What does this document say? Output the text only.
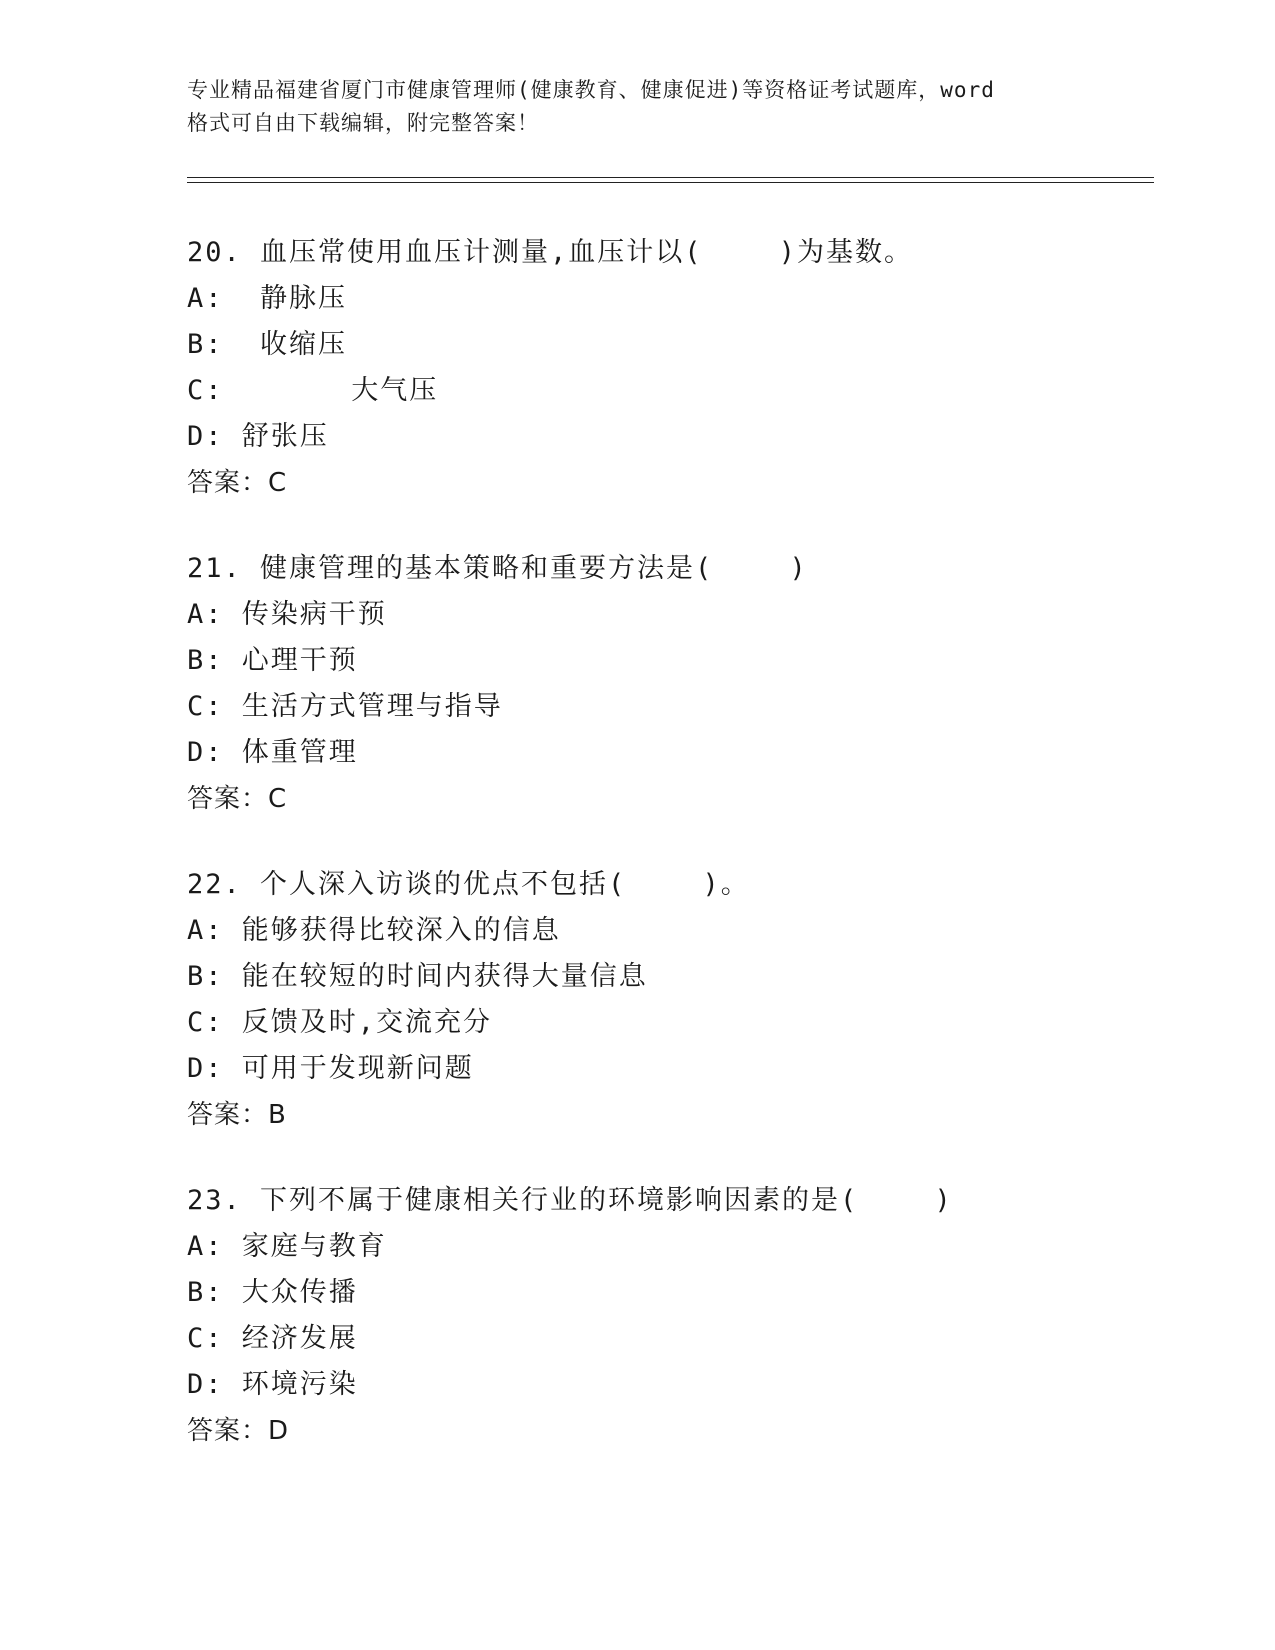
专业精品福建省厦门市健康管理师(健康教育、健康促进)等资格证考试题库，word
格式可自由下载编辑，附完整答案！
20. 血压常使用血压计测量,血压计以(　　 )为基数。
A:  静脉压
B:  收缩压
C:       大气压
D: 舒张压
答案：C
21. 健康管理的基本策略和重要方法是(　　 )
A: 传染病干预
B: 心理干预
C: 生活方式管理与指导
D: 体重管理
答案：C
22. 个人深入访谈的优点不包括(　　 )。
A: 能够获得比较深入的信息
B: 能在较短的时间内获得大量信息
C: 反馈及时,交流充分
D: 可用于发现新问题
答案：B
23. 下列不属于健康相关行业的环境影响因素的是(　　 )
A: 家庭与教育
B: 大众传播
C: 经济发展
D: 环境污染
答案：D
